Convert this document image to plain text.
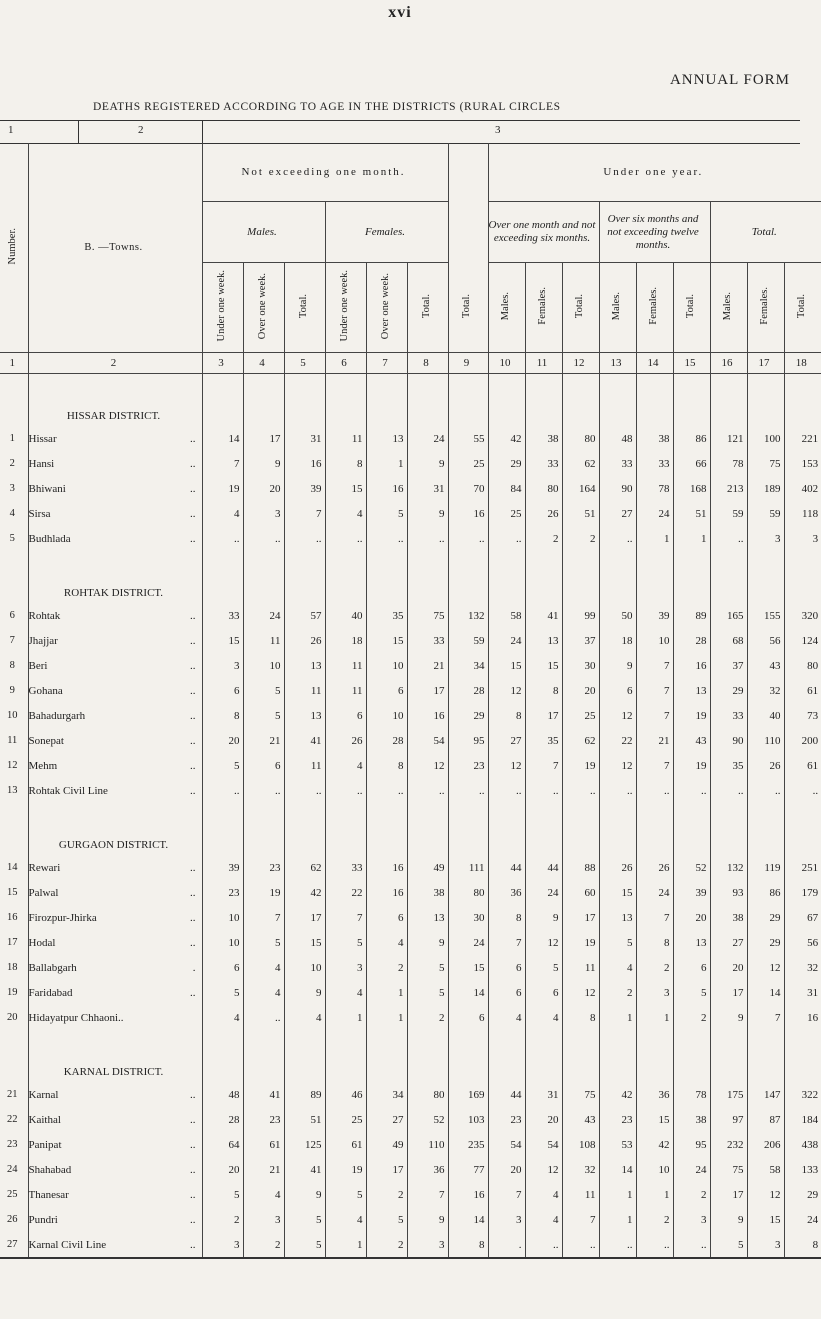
xvi
ANNUAL FORM
DEATHS REGISTERED ACCORDING TO AGE IN THE DISTRICTS (RURAL CIRCLES
1	2	3
Number.	B. —Towns.	Not exceeding one month.							Under one year.								
		Males.			Females.				Over one month and not exceeding six months.			Over six months and not exceeding twelve months.			Total.		
		Under one week.	Over one week.	Total.	Under one week.	Over one week.	Total.	Total.	Males.	Females.	Total.	Males.	Females.	Total.	Males.	Females.	Total.
1	2	3	4	5	6	7	8	9	10	11	12	13	14	15	16	17	18
	HISSAR DISTRICT.																
1	Hissar ..	14	17	31	11	13	24	55	42	38	80	48	38	86	121	100	221
2	Hansi ..	7	9	16	8	1	9	25	29	33	62	33	33	66	78	75	153
3	Bhiwani ..	19	20	39	15	16	31	70	84	80	164	90	78	168	213	189	402
4	Sirsa ..	4	3	7	4	5	9	16	25	26	51	27	24	51	59	59	118
5	Budhlada ..	..	..	..	..	..	..	..	..	2	2	..	1	1	..	3	3
	ROHTAK DISTRICT.																
6	Rohtak ..	33	24	57	40	35	75	132	58	41	99	50	39	89	165	155	320
7	Jhajjar ..	15	11	26	18	15	33	59	24	13	37	18	10	28	68	56	124
8	Beri ..	3	10	13	11	10	21	34	15	15	30	9	7	16	37	43	80
9	Gohana ..	6	5	11	11	6	17	28	12	8	20	6	7	13	29	32	61
10	Bahadurgarh ..	8	5	13	6	10	16	29	8	17	25	12	7	19	33	40	73
11	Sonepat ..	20	21	41	26	28	54	95	27	35	62	22	21	43	90	110	200
12	Mehm ..	5	6	11	4	8	12	23	12	7	19	12	7	19	35	26	61
13	Rohtak Civil Line ..	..	..	..	..	..	..	..	..	..	..	..	..	..	..	..	..
	GURGAON DISTRICT.																
14	Rewari ..	39	23	62	33	16	49	111	44	44	88	26	26	52	132	119	251
15	Palwal ..	23	19	42	22	16	38	80	36	24	60	15	24	39	93	86	179
16	Firozpur-Jhirka ..	10	7	17	7	6	13	30	8	9	17	13	7	20	38	29	67
17	Hodal ..	10	5	15	5	4	9	24	7	12	19	5	8	13	27	29	56
18	Ballabgarh .	6	4	10	3	2	5	15	6	5	11	4	2	6	20	12	32
19	Faridabad ..	5	4	9	4	1	5	14	6	6	12	2	3	5	17	14	31
20	Hidayatpur Chhaoni..	4	..	4	1	1	2	6	4	4	8	1	1	2	9	7	16
	KARNAL DISTRICT.																
21	Karnal ..	48	41	89	46	34	80	169	44	31	75	42	36	78	175	147	322
22	Kaithal ..	28	23	51	25	27	52	103	23	20	43	23	15	38	97	87	184
23	Panipat ..	64	61	125	61	49	110	235	54	54	108	53	42	95	232	206	438
24	Shahabad ..	20	21	41	19	17	36	77	20	12	32	14	10	24	75	58	133
25	Thanesar ..	5	4	9	5	2	7	16	7	4	11	1	1	2	17	12	29
26	Pundri ..	2	3	5	4	5	9	14	3	4	7	1	2	3	9	15	24
27	Karnal Civil Line ..	3	2	5	1	2	3	8	.	..	..	..	..	..	5	3	8
